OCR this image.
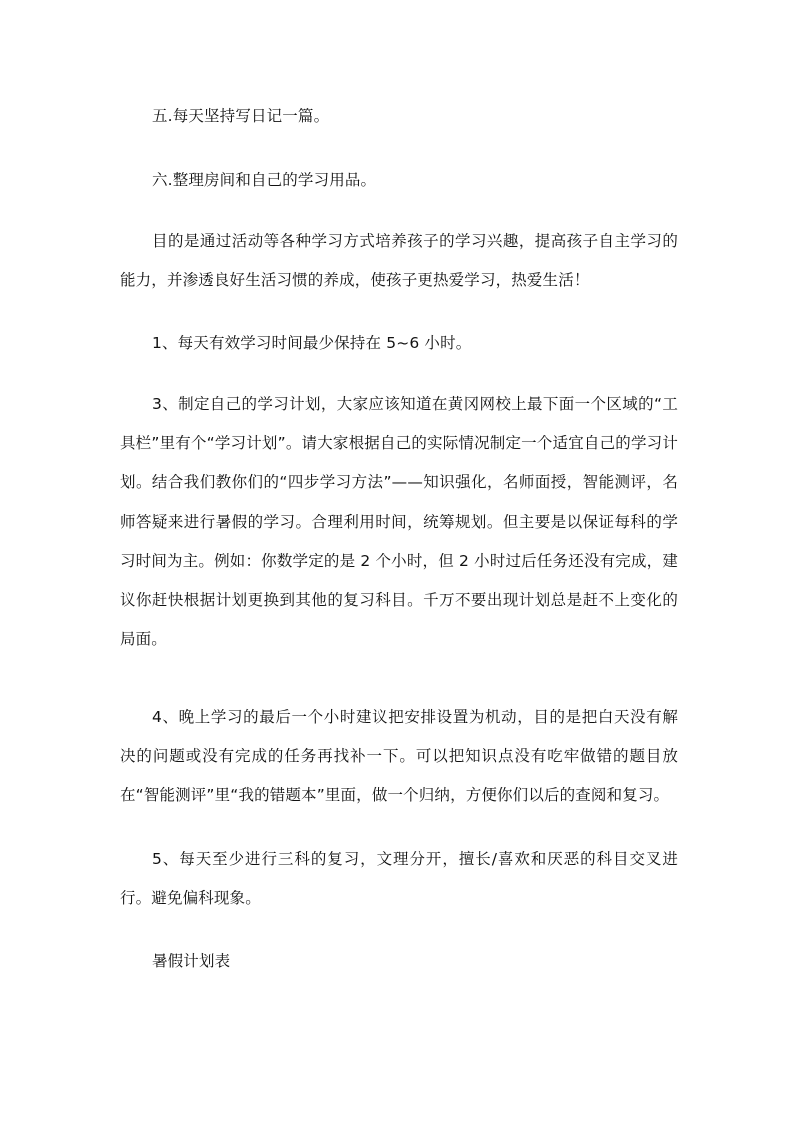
五.每天坚持写日记一篇。

六.整理房间和自己的学习用品。

目的是通过活动等各种学习方式培养孩子的学习兴趣，提高孩子自主学习的能力，并渗透良好生活习惯的养成，使孩子更热爱学习，热爱生活！

1、每天有效学习时间最少保持在 5~6 小时。

3、制定自己的学习计划，大家应该知道在黄冈网校上最下面一个区域的“工具栏”里有个“学习计划”。请大家根据自己的实际情况制定一个适宜自己的学习计划。结合我们教你们的“四步学习方法”——知识强化，名师面授，智能测评，名师答疑来进行暑假的学习。合理利用时间，统筹规划。但主要是以保证每科的学习时间为主。例如：你数学定的是 2 个小时，但 2 小时过后任务还没有完成，建议你赶快根据计划更换到其他的复习科目。千万不要出现计划总是赶不上变化的局面。

4、晚上学习的最后一个小时建议把安排设置为机动，目的是把白天没有解决的问题或没有完成的任务再找补一下。可以把知识点没有吃牢做错的题目放在“智能测评”里“我的错题本”里面，做一个归纳，方便你们以后的查阅和复习。

5、每天至少进行三科的复习，文理分开，擅长/喜欢和厌恶的科目交叉进行。避免偏科现象。

暑假计划表
